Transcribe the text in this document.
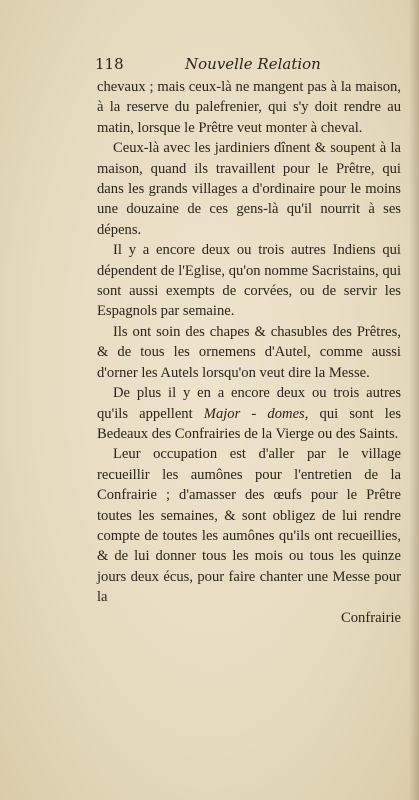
118	Nouvelle Relation

chevaux ; mais ceux-là ne mangent pas à la maison, à la reserve du palefrenier, qui s'y doit rendre au matin, lorsque le Prêtre veut monter à cheval.

Ceux-là avec les jardiniers dînent & soupent à la maison, quand ils travaillent pour le Prêtre, qui dans les grands villages a d'ordinaire pour le moins une douzaine de ces gens-là qu'il nourrit à ses dépens.

Il y a encore deux ou trois autres Indiens qui dépendent de l'Eglise, qu'on nomme Sacristains, qui sont aussi exempts de corvées, ou de servir les Espagnols par semaine.

Ils ont soin des chapes & chasubles des Prêtres, & de tous les ornemens d'Autel, comme aussi d'orner les Autels lorsqu'on veut dire la Messe.

De plus il y en a encore deux ou trois autres qu'ils appellent Major - domes, qui sont les Bedeaux des Confrairies de la Vierge ou des Saints.

Leur occupation est d'aller par le village recueillir les aumônes pour l'entretien de la Confrairie ; d'amasser des œufs pour le Prêtre toutes les semaines, & sont obligez de lui rendre compte de toutes les aumônes qu'ils ont recueillies, & de lui donner tous les mois ou tous les quinze jours deux écus, pour faire chanter une Messe pour la

Confrairie
